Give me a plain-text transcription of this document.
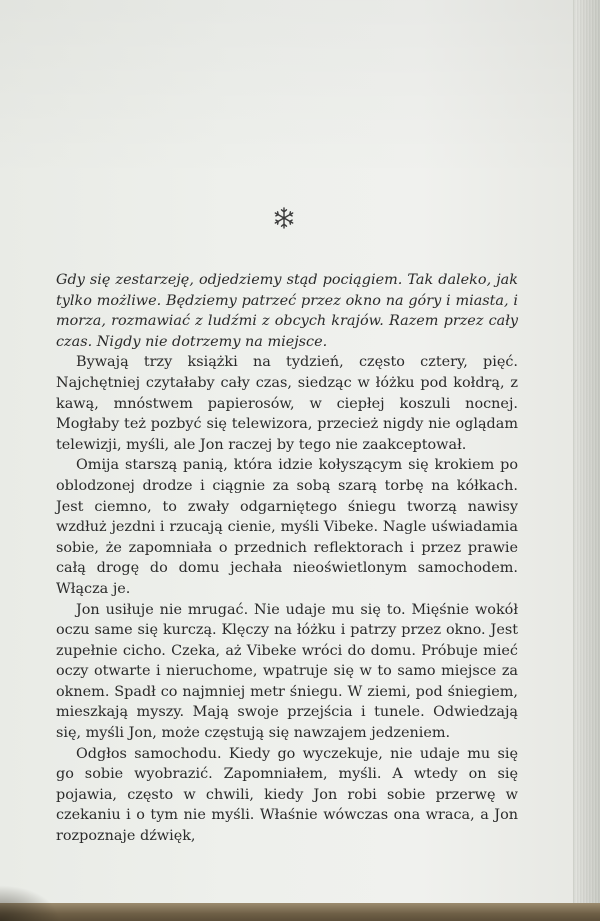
Gdy się zestarzeję, odjedziemy stąd pociągiem. Tak daleko, jak tylko możliwe. Będziemy patrzeć przez okno na góry i miasta, i morza, rozmawiać z ludźmi z obcych krajów. Razem przez cały czas. Nigdy nie dotrzemy na miejsce.

Bywają trzy książki na tydzień, często cztery, pięć. Najchętniej czytałaby cały czas, siedząc w łóżku pod kołdrą, z kawą, mnóstwem papierosów, w ciepłej koszuli nocnej. Mogłaby też pozbyć się telewizora, przecież nigdy nie oglądam telewizji, myśli, ale Jon raczej by tego nie zaakceptował.

Omija starszą panią, która idzie kołyszącym się krokiem po oblodzonej drodze i ciągnie za sobą szarą torbę na kółkach. Jest ciemno, to zwały odgarniętego śniegu tworzą nawisy wzdłuż jezdni i rzucają cienie, myśli Vibeke. Nagle uświadamia sobie, że zapomniała o przednich reflektorach i przez prawie całą drogę do domu jechała nieoświetlonym samochodem. Włącza je.

Jon usiłuje nie mrugać. Nie udaje mu się to. Mięśnie wokół oczu same się kurczą. Klęczy na łóżku i patrzy przez okno. Jest zupełnie cicho. Czeka, aż Vibeke wróci do domu. Próbuje mieć oczy otwarte i nieruchome, wpatruje się w to samo miejsce za oknem. Spadł co najmniej metr śniegu. W ziemi, pod śniegiem, mieszkają myszy. Mają swoje przejścia i tunele. Odwiedzają się, myśli Jon, może częstują się nawzajem jedzeniem.

Odgłos samochodu. Kiedy go wyczekuje, nie udaje mu się go sobie wyobrazić. Zapomniałem, myśli. A wtedy on się pojawia, często w chwili, kiedy Jon robi sobie przerwę w czekaniu i o tym nie myśli. Właśnie wówczas ona wraca, a Jon rozpoznaje dźwięk,
